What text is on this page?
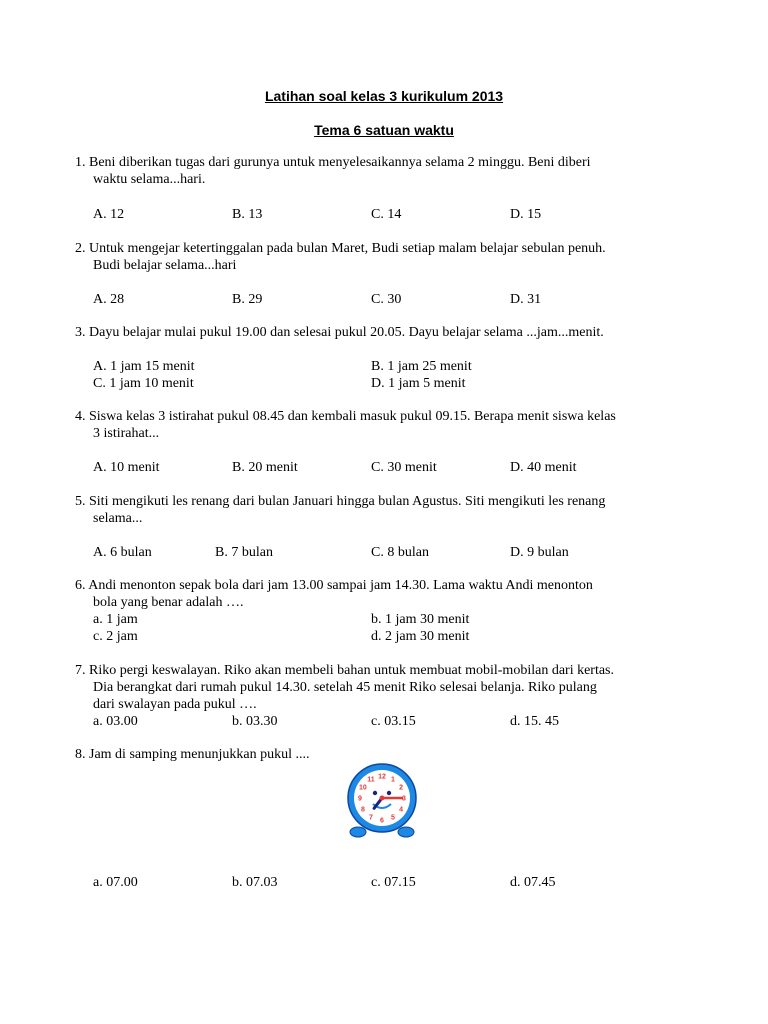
Latihan soal kelas 3 kurikulum 2013
Tema 6 satuan waktu
1. Beni diberikan tugas dari gurunya untuk menyelesaikannya selama 2 minggu. Beni diberi
waktu selama...hari.
A. 12	B. 13	C. 14	D. 15
2. Untuk mengejar ketertinggalan pada bulan Maret, Budi setiap malam belajar sebulan penuh.
Budi belajar selama...hari
A. 28	B. 29	C. 30	D. 31
3. Dayu belajar mulai pukul 19.00 dan selesai pukul 20.05. Dayu belajar selama ...jam...menit.
A. 1 jam 15 menit	B. 1 jam 25 menit
C. 1 jam 10 menit	D. 1 jam 5 menit
4. Siswa kelas 3 istirahat pukul 08.45 dan kembali masuk pukul 09.15. Berapa menit siswa kelas
3 istirahat...
A. 10 menit	B. 20 menit	C. 30 menit	D. 40 menit
5. Siti mengikuti les renang dari bulan Januari hingga bulan Agustus. Siti mengikuti les renang
selama...
A. 6 bulan	B. 7 bulan	C. 8 bulan	D. 9 bulan
6. Andi menonton sepak bola dari jam 13.00 sampai jam 14.30. Lama waktu Andi menonton
bola yang benar adalah ….
a. 1 jam	b. 1 jam 30 menit
c. 2 jam	d. 2 jam 30 menit
7. Riko pergi keswalayan. Riko akan membeli bahan untuk membuat mobil-mobilan dari kertas.
Dia berangkat dari rumah pukul 14.30. setelah 45 menit Riko selesai belanja. Riko pulang
dari swalayan pada pukul ….
a. 03.00	b. 03.30	c. 03.15	d. 15. 45
8. Jam di samping menunjukkan pukul ....
12 1
2
3
4
5
6
7
8
9
10
11
a. 07.00	b. 07.03	c. 07.15	d. 07.45
